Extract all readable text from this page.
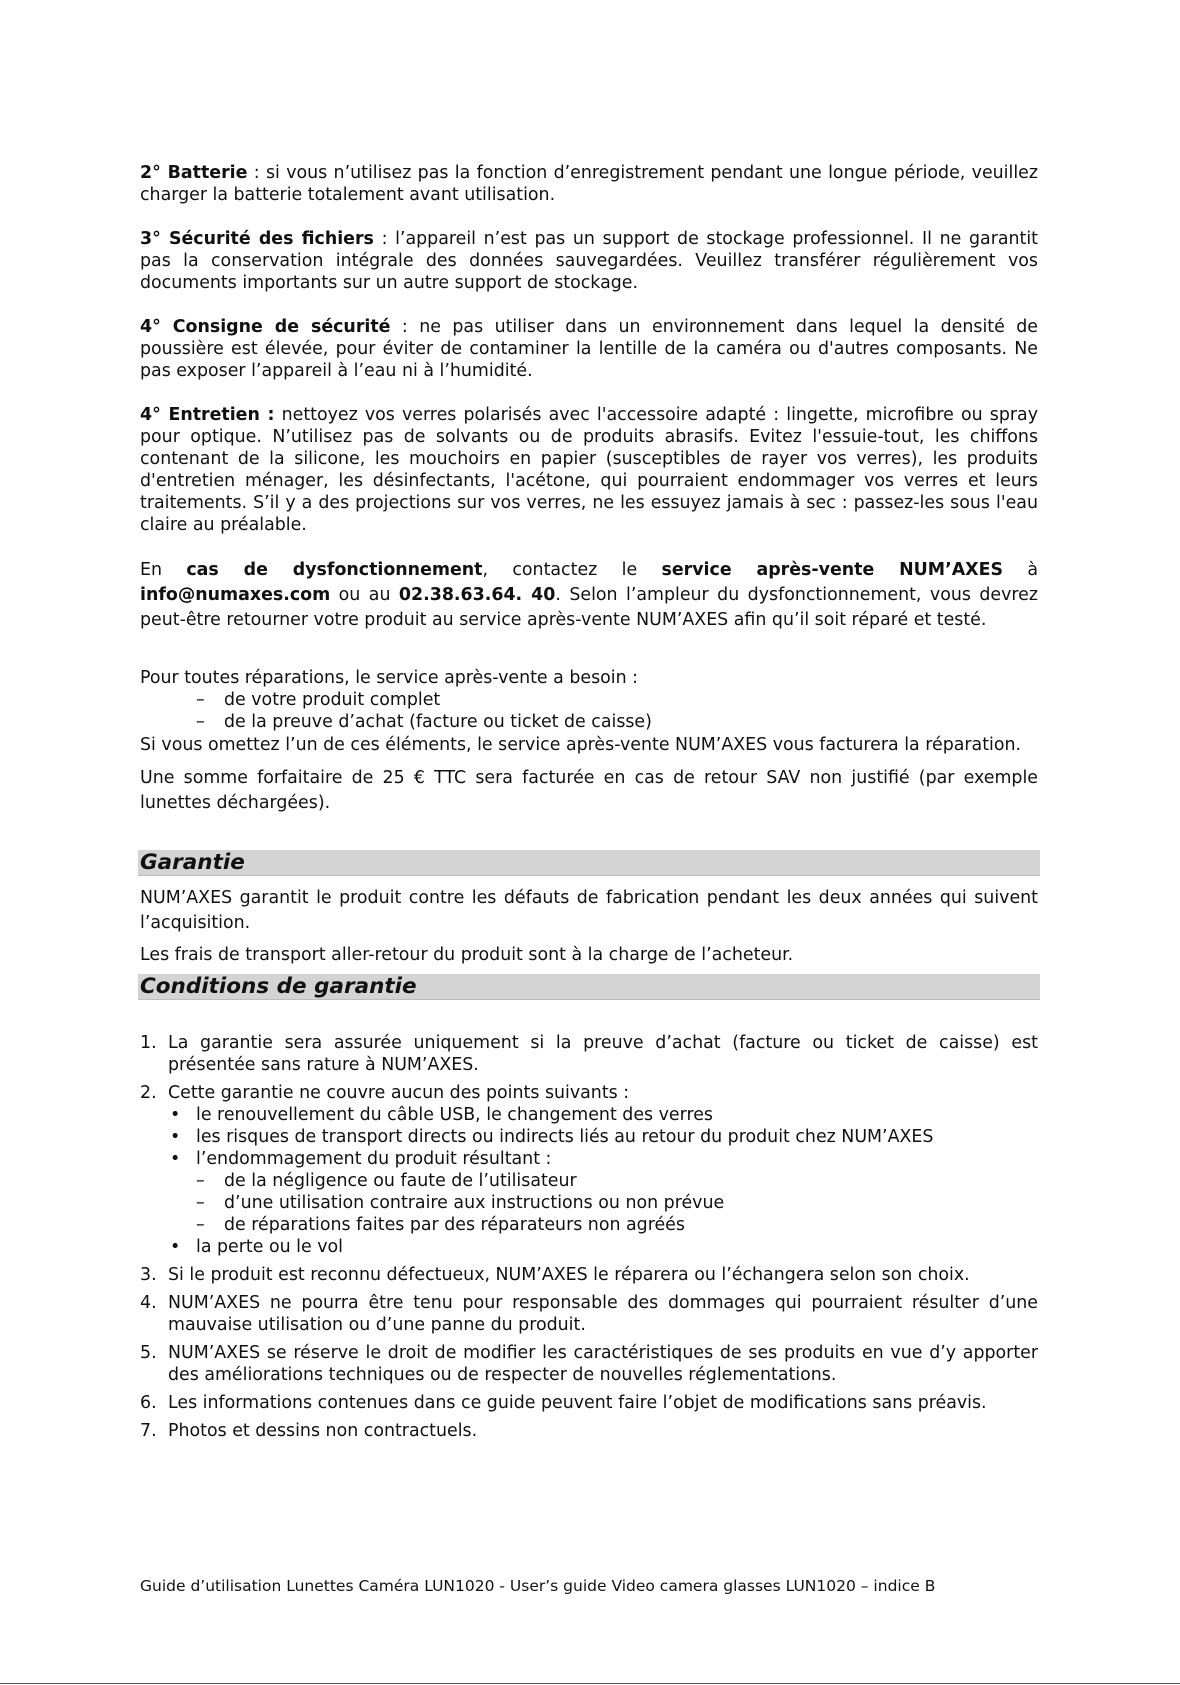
2° Batterie : si vous n’utilisez pas la fonction d’enregistrement pendant une longue période, veuillez charger la batterie totalement avant utilisation.

3° Sécurité des fichiers : l’appareil n’est pas un support de stockage professionnel. Il ne garantit pas la conservation intégrale des données sauvegardées. Veuillez transférer régulièrement vos documents importants sur un autre support de stockage.

4° Consigne de sécurité : ne pas utiliser dans un environnement dans lequel la densité de poussière est élevée, pour éviter de contaminer la lentille de la caméra ou d'autres composants. Ne pas exposer l’appareil à l’eau ni à l’humidité.

4° Entretien : nettoyez vos verres polarisés avec l'accessoire adapté : lingette, microfibre ou spray pour optique. N’utilisez pas de solvants ou de produits abrasifs. Evitez l'essuie-tout, les chiffons contenant de la silicone, les mouchoirs en papier (susceptibles de rayer vos verres), les produits d'entretien ménager, les désinfectants, l'acétone, qui pourraient endommager vos verres et leurs traitements. S’il y a des projections sur vos verres, ne les essuyez jamais à sec : passez-les sous l'eau claire au préalable.

En cas de dysfonctionnement, contactez le service après-vente NUM’AXES à info@numaxes.com ou au 02.38.63.64. 40. Selon l’ampleur du dysfonctionnement, vous devrez peut-être retourner votre produit au service après-vente NUM’AXES afin qu’il soit réparé et testé.

Pour toutes réparations, le service après-vente a besoin :

– de votre produit complet
– de la preuve d’achat (facture ou ticket de caisse)

Si vous omettez l’un de ces éléments, le service après-vente NUM’AXES vous facturera la réparation.

Une somme forfaitaire de 25 € TTC sera facturée en cas de retour SAV non justifié (par exemple lunettes déchargées).

Garantie

NUM’AXES garantit le produit contre les défauts de fabrication pendant les deux années qui suivent l’acquisition.

Les frais de transport aller-retour du produit sont à la charge de l’acheteur.

Conditions de garantie
1. La garantie sera assurée uniquement si la preuve d’achat (facture ou ticket de caisse) est présentée sans rature à NUM’AXES.
2. Cette garantie ne couvre aucun des points suivants :
• le renouvellement du câble USB, le changement des verres
• les risques de transport directs ou indirects liés au retour du produit chez NUM’AXES
• l’endommagement du produit résultant :
– de la négligence ou faute de l’utilisateur
– d’une utilisation contraire aux instructions ou non prévue
– de réparations faites par des réparateurs non agréés
• la perte ou le vol
3. Si le produit est reconnu défectueux, NUM’AXES le réparera ou l’échangera selon son choix.
4. NUM’AXES ne pourra être tenu pour responsable des dommages qui pourraient résulter d’une mauvaise utilisation ou d’une panne du produit.
5. NUM’AXES se réserve le droit de modifier les caractéristiques de ses produits en vue d’y apporter des améliorations techniques ou de respecter de nouvelles réglementations.
6. Les informations contenues dans ce guide peuvent faire l’objet de modifications sans préavis.
7. Photos et dessins non contractuels.
Guide d’utilisation Lunettes Caméra LUN1020 - User’s guide Video camera glasses LUN1020 – indice B
